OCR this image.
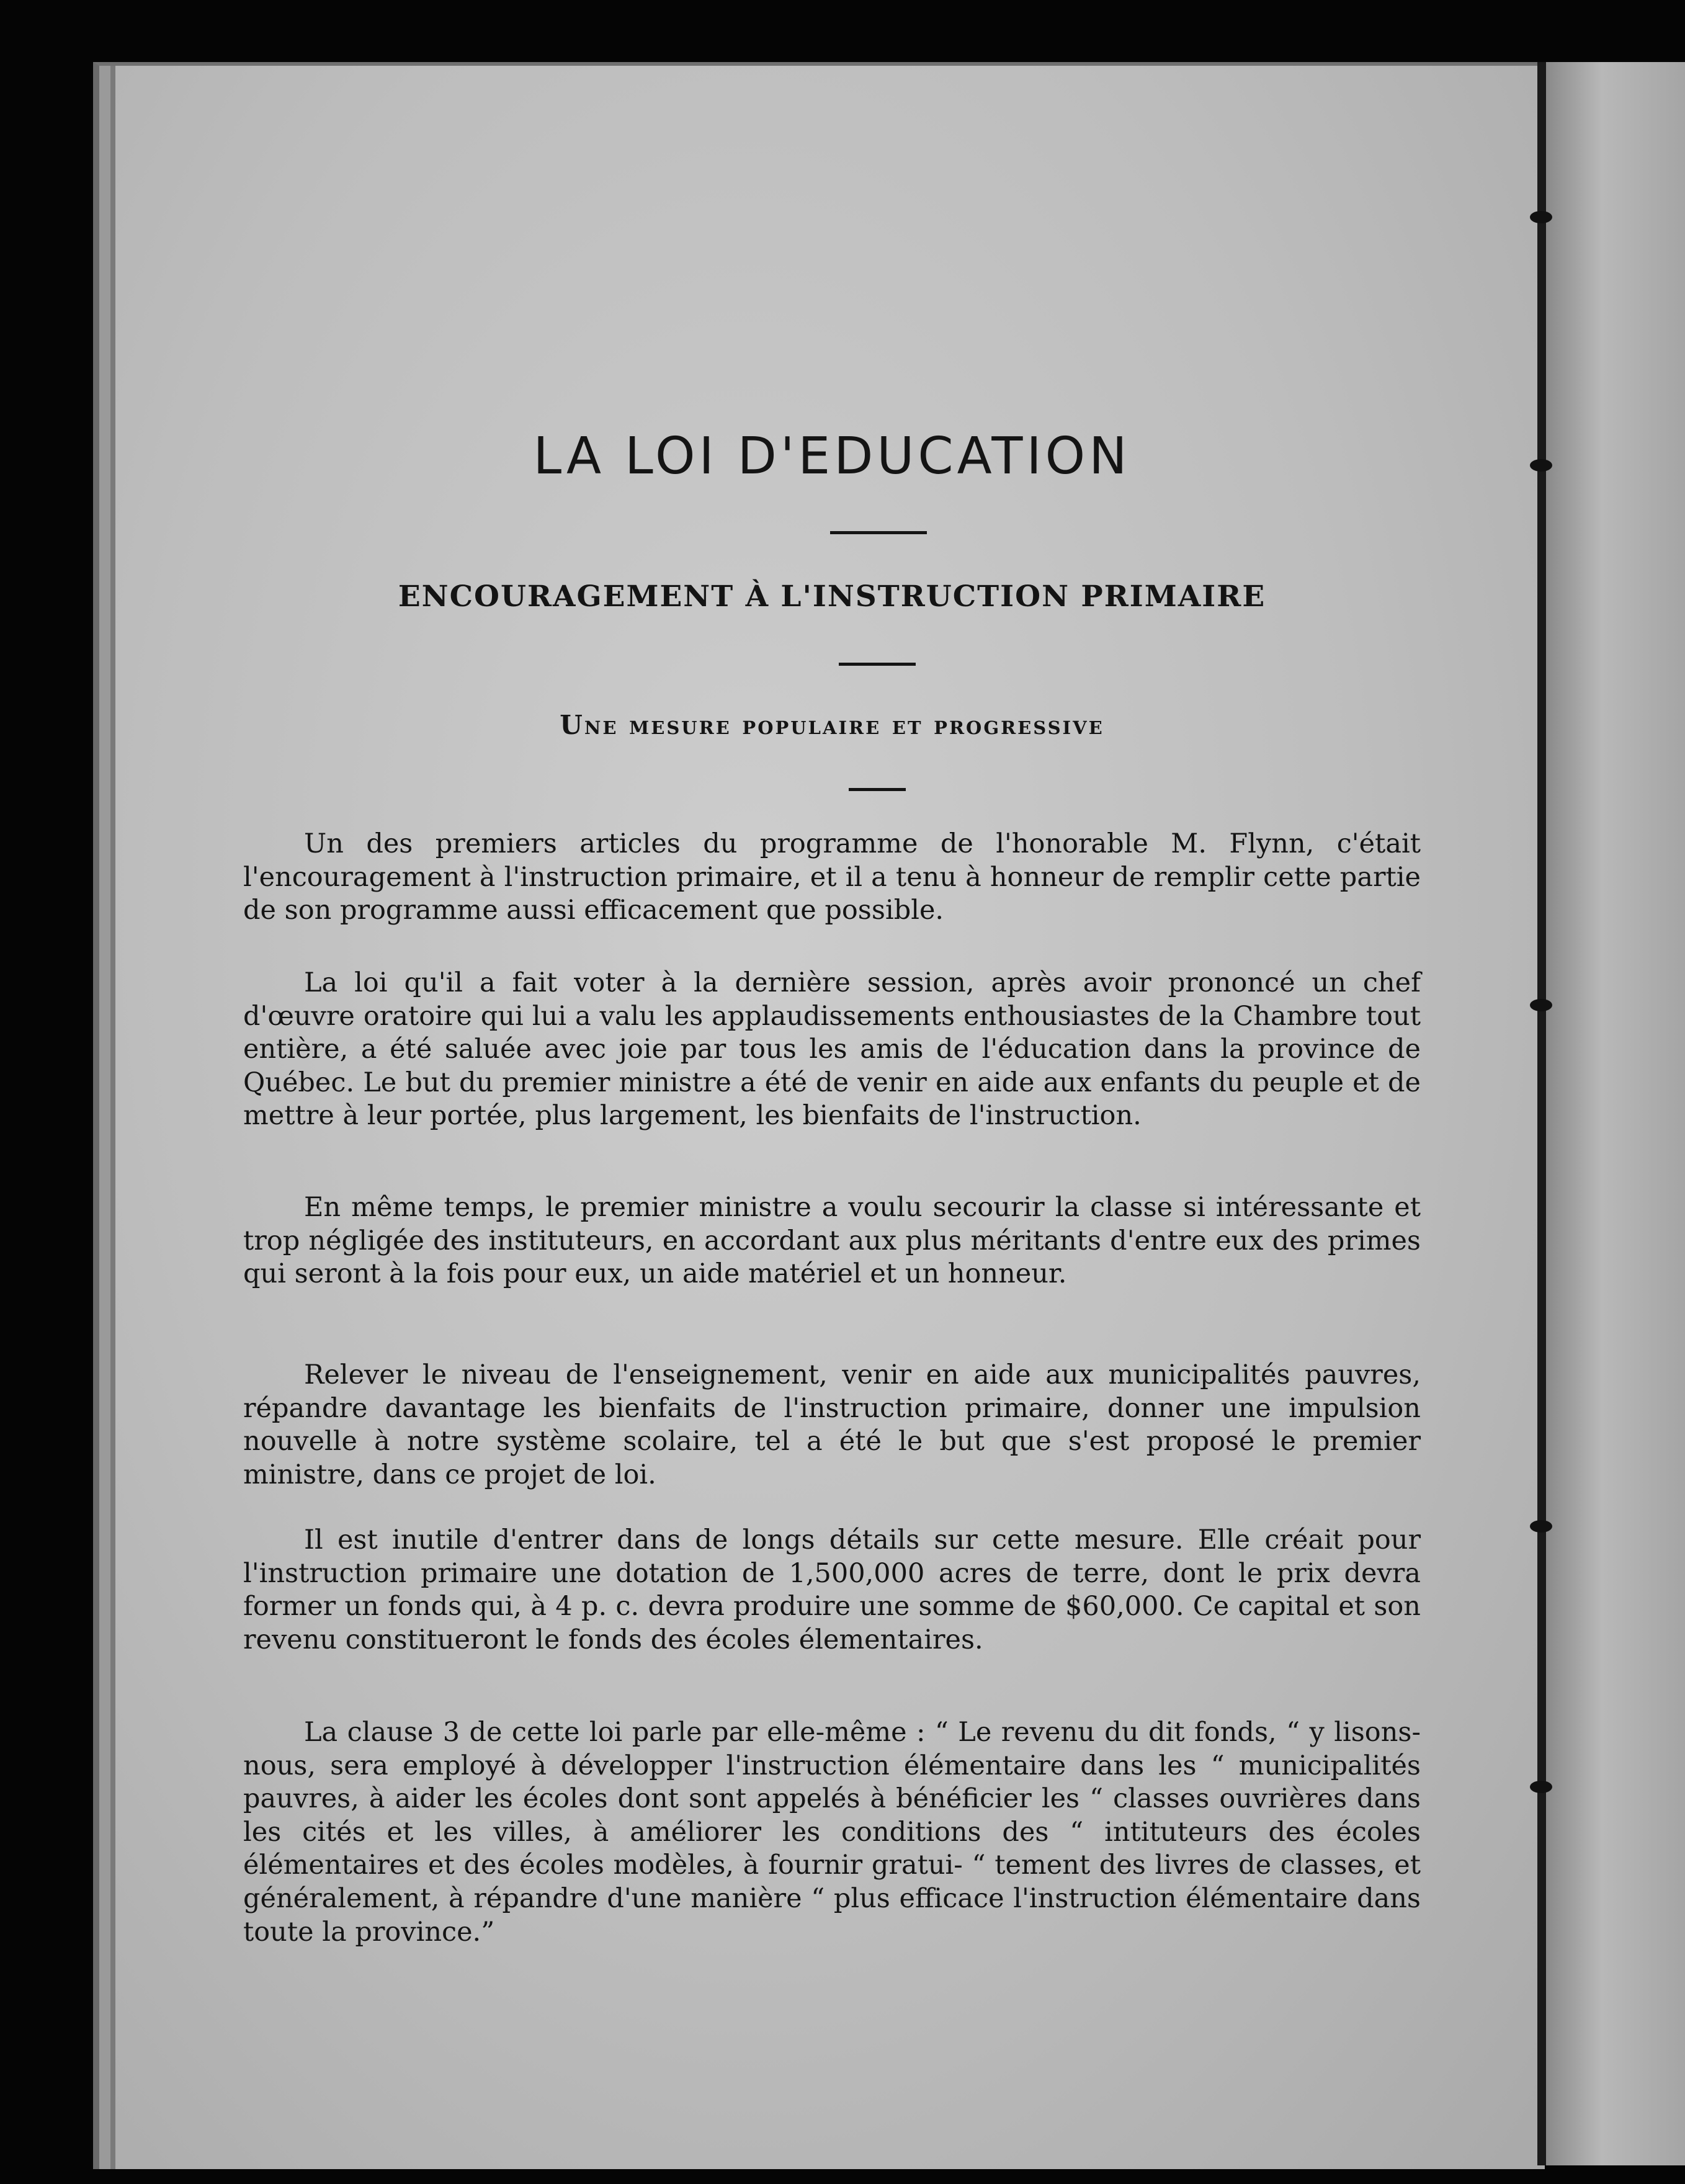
LA LOI D'EDUCATION
ENCOURAGEMENT À L'INSTRUCTION PRIMAIRE
Une mesure populaire et progressive

Un des premiers articles du programme de l'honorable M. Flynn, c'était l'encouragement à l'instruction primaire, et il a tenu à honneur de remplir cette partie de son programme aussi efficacement que possible.

La loi qu'il a fait voter à la dernière session, après avoir prononcé un chef d'œuvre oratoire qui lui a valu les applaudissements enthousiastes de la Chambre tout entière, a été saluée avec joie par tous les amis de l'éducation dans la province de Québec. Le but du premier ministre a été de venir en aide aux enfants du peuple et de mettre à leur portée, plus largement, les bienfaits de l'instruction.

En même temps, le premier ministre a voulu secourir la classe si intéressante et trop négligée des instituteurs, en accordant aux plus méritants d'entre eux des primes qui seront à la fois pour eux, un aide matériel et un honneur.

Relever le niveau de l'enseignement, venir en aide aux municipalités pauvres, répandre davantage les bienfaits de l'instruction primaire, donner une impulsion nouvelle à notre système scolaire, tel a été le but que s'est proposé le premier ministre, dans ce projet de loi.

Il est inutile d'entrer dans de longs détails sur cette mesure. Elle créait pour l'instruction primaire une dotation de 1,500,000 acres de terre, dont le prix devra former un fonds qui, à 4 p. c. devra produire une somme de $60,000. Ce capital et son revenu constitueront le fonds des écoles élementaires.

La clause 3 de cette loi parle par elle-même : “ Le revenu du dit fonds, “ y lisons-nous, sera employé à développer l'instruction élémentaire dans les “ municipalités pauvres, à aider les écoles dont sont appelés à bénéficier les “ classes ouvrières dans les cités et les villes, à améliorer les conditions des “ intituteurs des écoles élémentaires et des écoles modèles, à fournir gratui- “ tement des livres de classes, et généralement, à répandre d'une manière “ plus efficace l'instruction élémentaire dans toute la province.”
